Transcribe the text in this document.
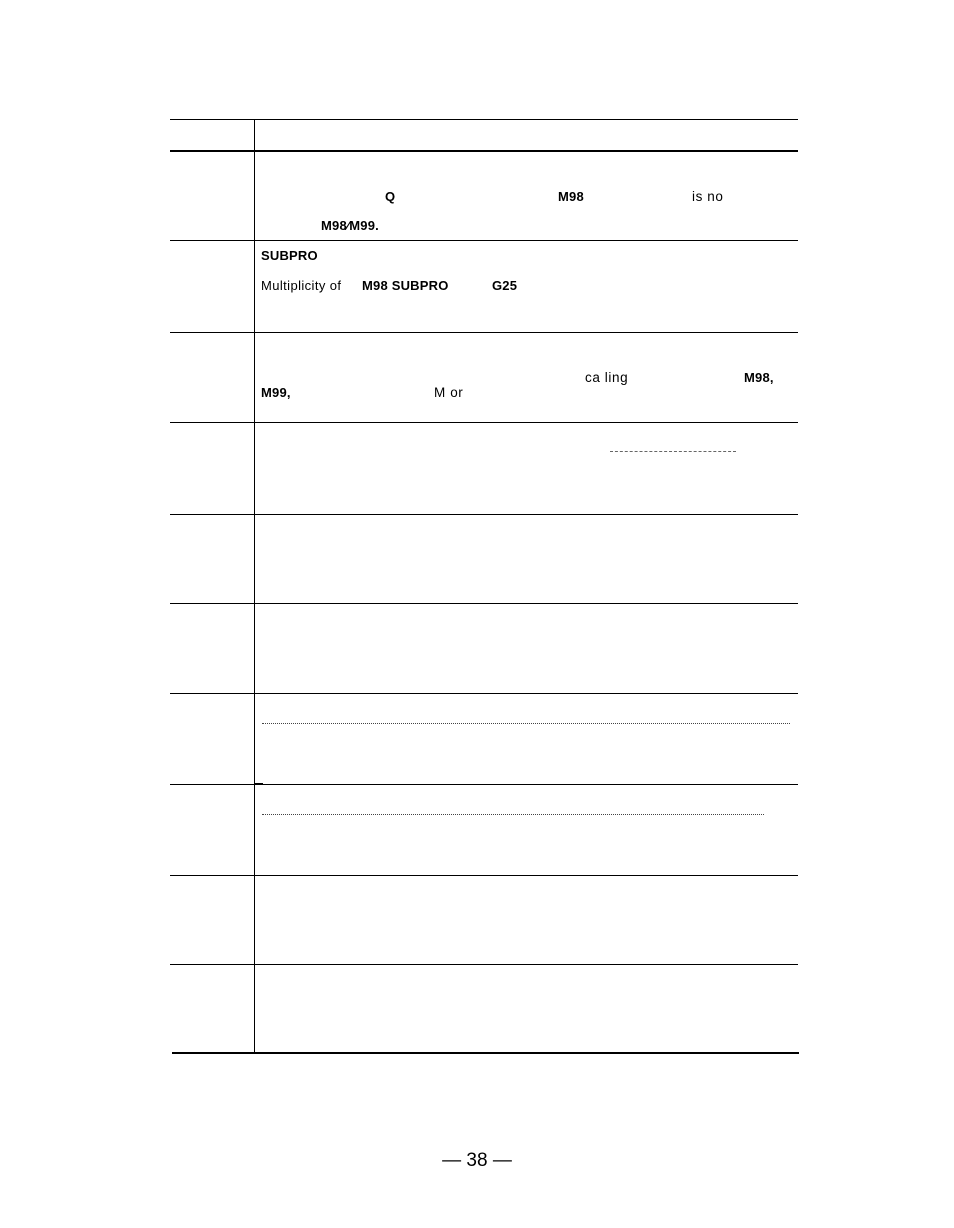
Q	M98	is no
M98∕M99.
SUBPRO
Multiplicity of M98 SUBPRO	G25
ca ling	M98,
M99,	M or
— 38 —
